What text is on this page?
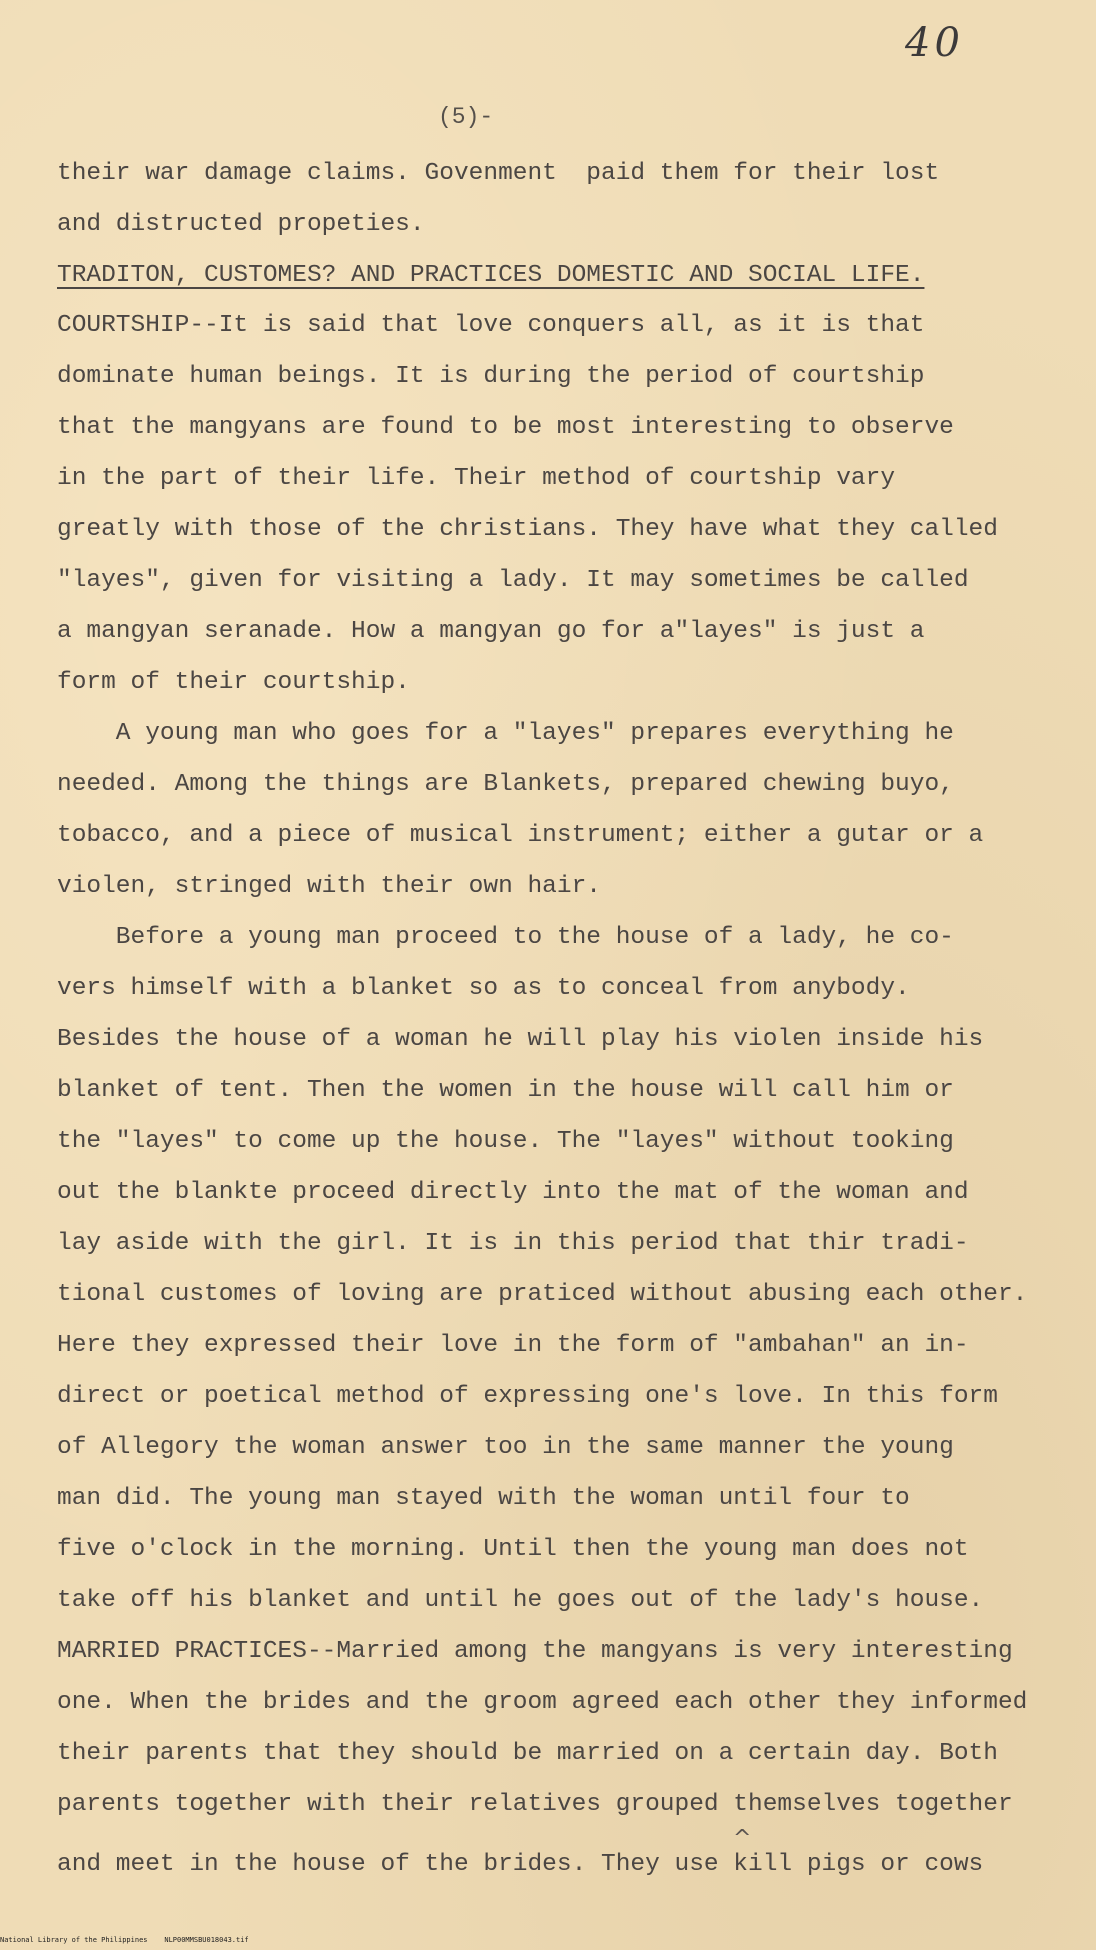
40
(5)-
their war damage claims. Govenment  paid them for their lost
and distructed propeties.
TRADITON, CUSTOMES? AND PRACTICES DOMESTIC AND SOCIAL LIFE.
COURTSHIP--It is said that love conquers all, as it is that
dominate human beings. It is during the period of courtship
that the mangyans are found to be most interesting to observe
in the part of their life. Their method of courtship vary
greatly with those of the christians. They have what they called
"layes", given for visiting a lady. It may sometimes be called
a mangyan seranade. How a mangyan go for a"layes" is just a
form of their courtship.
A young man who goes for a "layes" prepares everything he
needed. Among the things are Blankets, prepared chewing buyo,
tobacco, and a piece of musical instrument; either a gutar or a
violen, stringed with their own hair.
Before a young man proceed to the house of a lady, he co-
vers himself with a blanket so as to conceal from anybody.
Besides the house of a woman he will play his violen inside his
blanket of tent. Then the women in the house will call him or
the "layes" to come up the house. The "layes" without tooking
out the blankte proceed directly into the mat of the woman and
lay aside with the girl. It is in this period that thir tradi-
tional customes of loving are praticed without abusing each other.
Here they expressed their love in the form of "ambahan" an in-
direct or poetical method of expressing one's love. In this form
of Allegory the woman answer too in the same manner the young
man did. The young man stayed with the woman until four to
five o'clock in the morning. Until then the young man does not
take off his blanket and until he goes out of the lady's house.
MARRIED PRACTICES--Married among the mangyans is very interesting
one. When the brides and the groom agreed each other they informed
their parents that they should be married on a certain day. Both
parents together with their relatives grouped themselves together
and meet in the house of the brides. They use kill pigs or cows
^
National Library of the Philippines    NLP00MMSBU018043.tif
